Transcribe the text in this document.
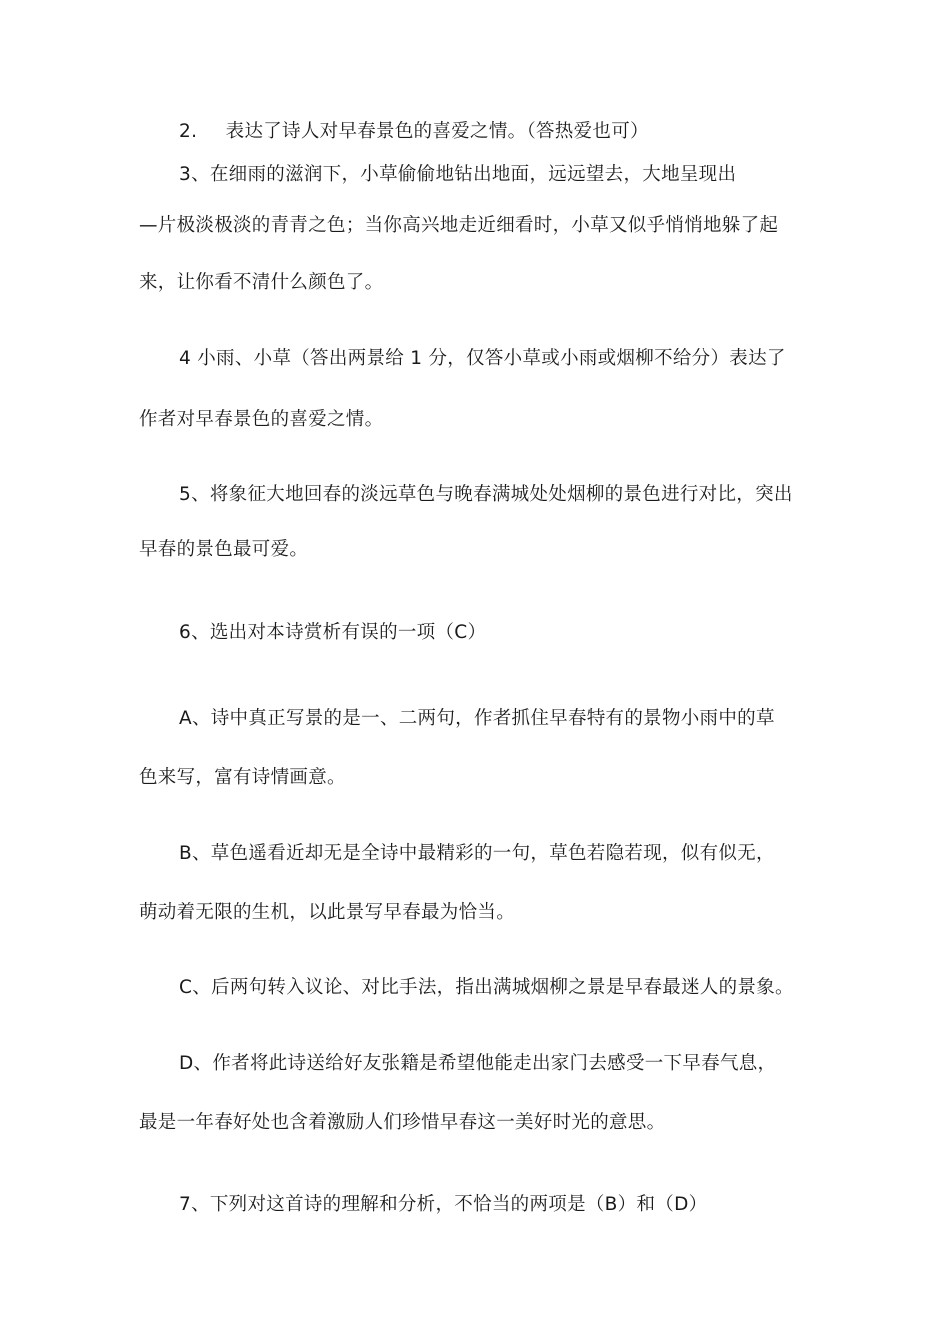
2. 表达了诗人对早春景色的喜爱之情。（答热爱也可）
3、在细雨的滋润下，小草偷偷地钻出地面，远远望去，大地呈现出
—片极淡极淡的青青之色；当你高兴地走近细看时，小草又似乎悄悄地躲了起
来，让你看不清什么颜色了。
4 小雨、小草（答出两景给 1 分，仅答小草或小雨或烟柳不给分）表达了
作者对早春景色的喜爱之情。
5、将象征大地回春的淡远草色与晚春满城处处烟柳的景色进行对比，突出
早春的景色最可爱。
6、选出对本诗赏析有误的一项（C）
A、诗中真正写景的是一、二两句，作者抓住早春特有的景物小雨中的草
色来写，富有诗情画意。
B、草色遥看近却无是全诗中最精彩的一句，草色若隐若现，似有似无，
萌动着无限的生机，以此景写早春最为恰当。
C、后两句转入议论、对比手法，指出满城烟柳之景是早春最迷人的景象。
D、作者将此诗送给好友张籍是希望他能走出家门去感受一下早春气息，
最是一年春好处也含着激励人们珍惜早春这一美好时光的意思。
7、下列对这首诗的理解和分析，不恰当的两项是（B）和（D）
